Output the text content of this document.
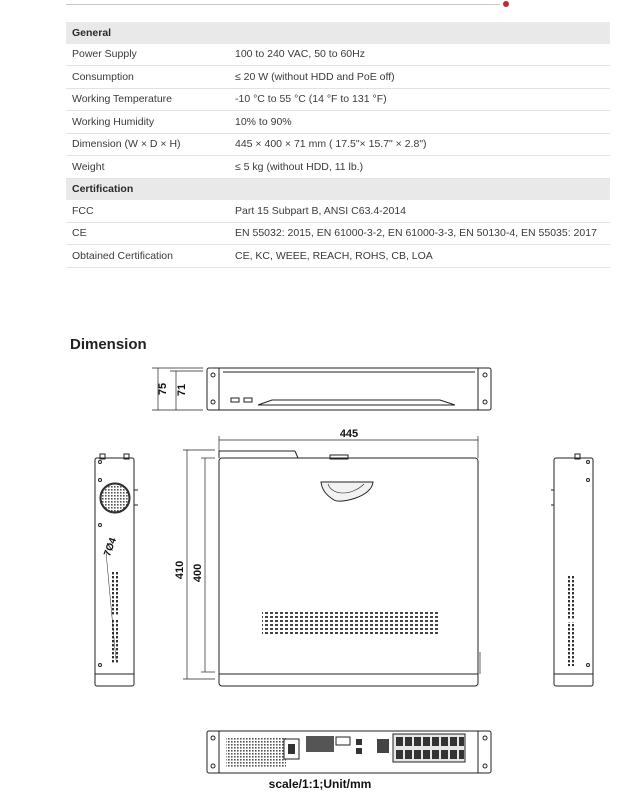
General	
Power Supply	100 to 240 VAC, 50 to 60Hz
Consumption	≤ 20 W (without HDD and PoE off)
Working Temperature	-10 °C to 55 °C (14 °F to 131 °F)
Working Humidity	10% to 90%
Dimension (W × D × H)	445 × 400 × 71 mm ( 17.5"× 15.7" × 2.8")
Weight	≤ 5 kg (without HDD, 11 lb.)
Certification	
FCC	Part 15 Subpart B, ANSI C63.4-2014
CE	EN 55032: 2015, EN 61000-3-2, EN 61000-3-3, EN 50130-4, EN 55035: 2017
Obtained Certification	CE, KC, WEEE, REACH, ROHS, CB, LOA
Dimension
75 71
445
410 400
7Ø4
scale/1:1;Unit/mm
